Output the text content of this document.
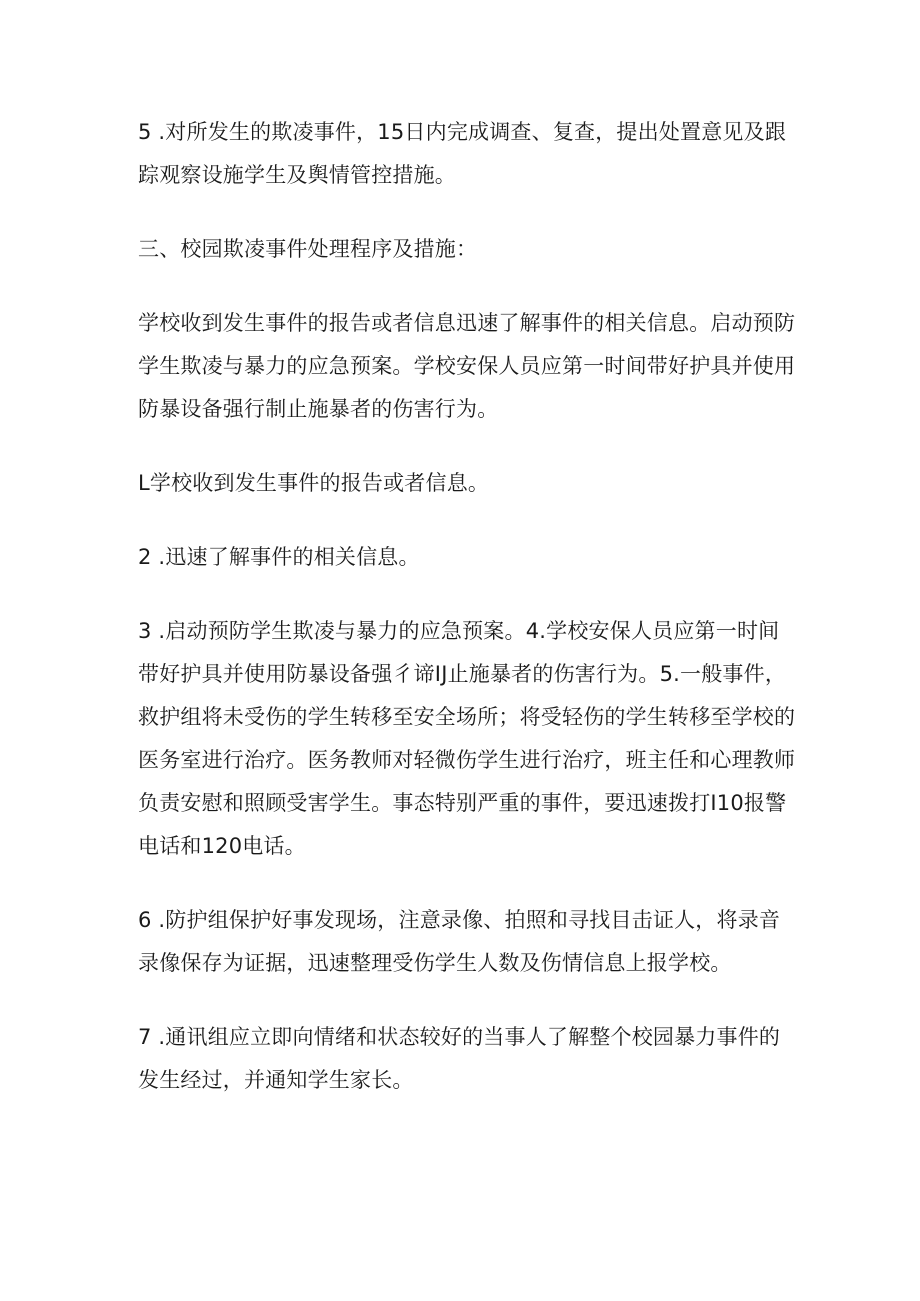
5 .对所发生的欺凌事件，15日内完成调查、复查，提出处置意见及跟踪观察设施学生及舆情管控措施。

三、校园欺凌事件处理程序及措施：

学校收到发生事件的报告或者信息迅速了解事件的相关信息。启动预防学生欺凌与暴力的应急预案。学校安保人员应第一时间带好护具并使用防暴设备强行制止施暴者的伤害行为。

L学校收到发生事件的报告或者信息。

2 .迅速了解事件的相关信息。

3 .启动预防学生欺凌与暴力的应急预案。4.学校安保人员应第一时间带好护具并使用防暴设备强彳谛IJ止施暴者的伤害行为。5.一般事件，救护组将未受伤的学生转移至安全场所；将受轻伤的学生转移至学校的医务室进行治疗。医务教师对轻微伤学生进行治疗，班主任和心理教师负责安慰和照顾受害学生。事态特别严重的事件，要迅速拨打I10报警电话和120电话。

6 .防护组保护好事发现场，注意录像、拍照和寻找目击证人，将录音录像保存为证据，迅速整理受伤学生人数及伤情信息上报学校。

7 .通讯组应立即向情绪和状态较好的当事人了解整个校园暴力事件的发生经过，并通知学生家长。
